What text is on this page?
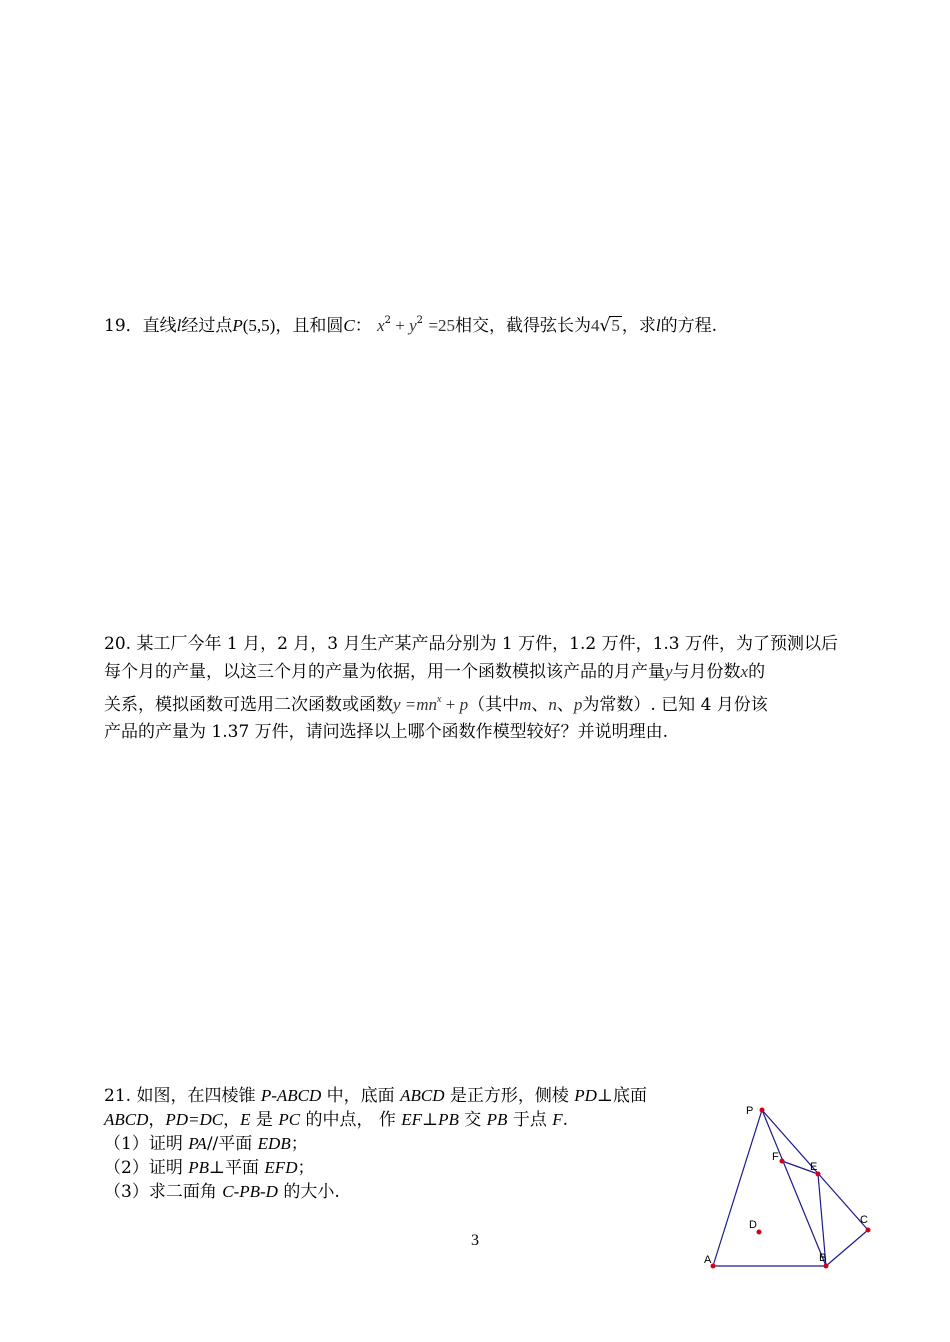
19．直线l经过点P(5,5)，且和圆C： $x^2 + y^2 =25$相交，截得弦长为4√5 ，求l的方程.
20. 某工厂今年 1 月，2 月，3 月生产某产品分别为 1 万件，1.2 万件，1.3 万件，为了预测以后
每个月的产量，以这三个月的产量为依据，用一个函数模拟该产品的月产量y与月份数x的
关系，模拟函数可选用二次函数或函数$y =mn^x + p$（其中m、n、p为常数）. 已知 4 月份该
产品的产量为 1.37 万件，请问选择以上哪个函数作模型较好？并说明理由.
21. 如图，在四棱锥 P-ABCD 中，底面 ABCD 是正方形，侧棱 PD⊥底面
ABCD，PD=DC，E 是 PC 的中点， 作 EF⊥PB 交 PB 于点 F.
（1）证明 PA//平面 EDB；
（2）证明 PB⊥平面 EFD；
（3）求二面角 C-PB-D 的大小.
P
F
E
D	C
A	B
3
